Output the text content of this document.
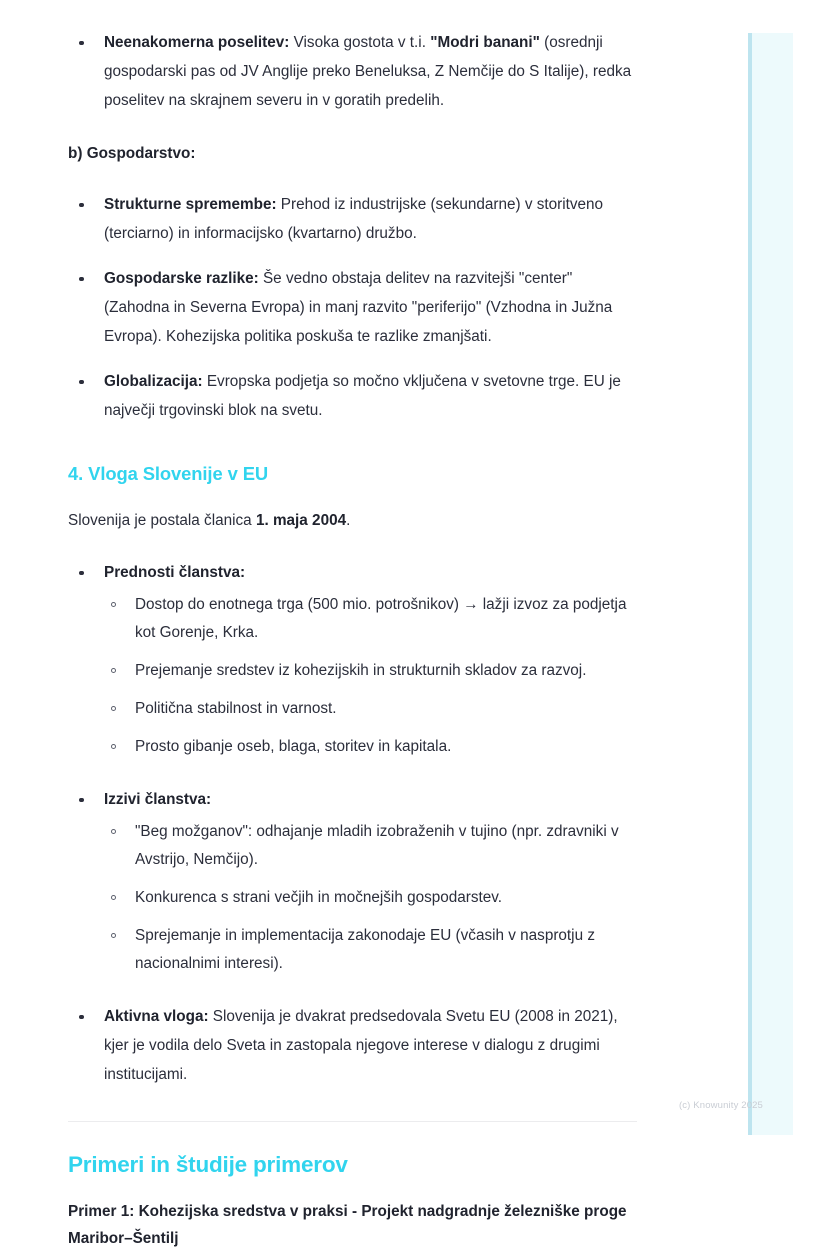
Neenakomerna poselitev: Visoka gostota v t.i. "Modri banani" (osrednji gospodarski pas od JV Anglije preko Beneluksa, Z Nemčije do S Italije), redka poselitev na skrajnem severu in v goratih predelih.

b) Gospodarstvo:

Strukturne spremembe: Prehod iz industrijske (sekundarne) v storitveno (terciarno) in informacijsko (kvartarno) družbo.
Gospodarske razlike: Še vedno obstaja delitev na razvitejši "center" (Zahodna in Severna Evropa) in manj razvito "periferijo" (Vzhodna in Južna Evropa). Kohezijska politika poskuša te razlike zmanjšati.
Globalizacija: Evropska podjetja so močno vključena v svetovne trge. EU je največji trgovinski blok na svetu.
4. Vloga Slovenije v EU

Slovenija je postala članica 1. maja 2004.

Prednosti članstva:
Dostop do enotnega trga (500 mio. potrošnikov) → lažji izvoz za podjetja kot Gorenje, Krka.
Prejemanje sredstev iz kohezijskih in strukturnih skladov za razvoj.
Politična stabilnost in varnost.
Prosto gibanje oseb, blaga, storitev in kapitala.
Izzivi članstva:
"Beg možganov": odhajanje mladih izobraženih v tujino (npr. zdravniki v Avstrijo, Nemčijo).
Konkurenca s strani večjih in močnejših gospodarstev.
Sprejemanje in implementacija zakonodaje EU (včasih v nasprotju z nacionalnimi interesi).
Aktivna vloga: Slovenija je dvakrat predsedovala Svetu EU (2008 in 2021), kjer je vodila delo Sveta in zastopala njegove interese v dialogu z drugimi institucijami.
Primeri in študije primerov

Primer 1: Kohezijska sredstva v praksi - Projekt nadgradnje železniške proge Maribor–Šentilj

(c) Knowunity 2025
